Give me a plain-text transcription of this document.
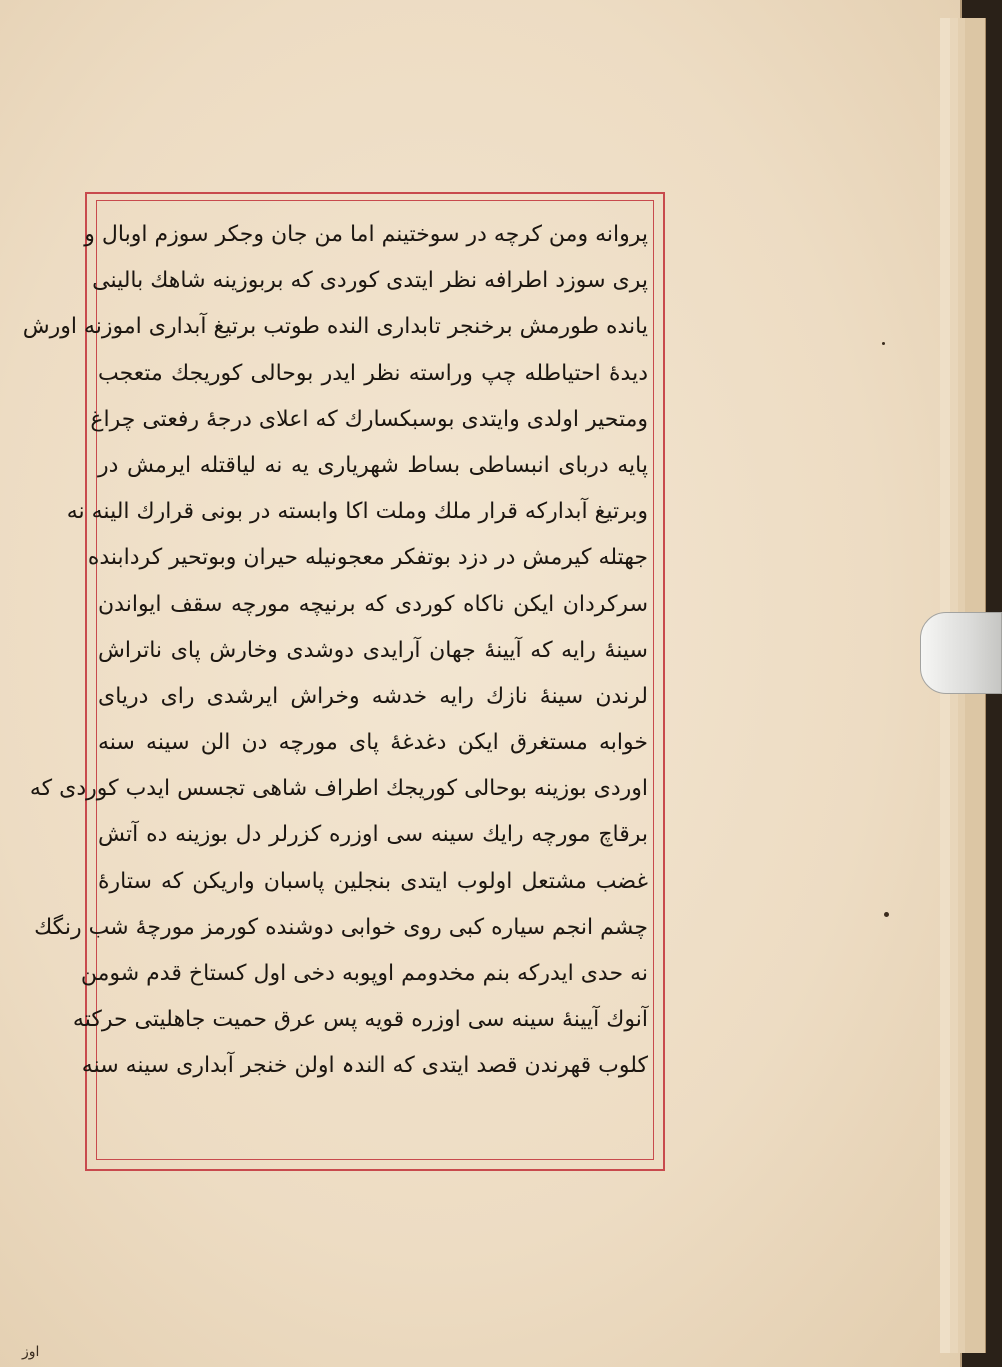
پروانه ومن کرچه در سوختینم اما من جان وجکر سوزم اوبال و
پری سوزد اطرافه نظر ایتدی کوردی که بربوزینه شاهك بالینی
یانده طورمش برخنجر تابداری النده طوتب برتیغ آبداری اموزنه اورش
دیدهٔ احتیاطله چپ وراسته نظر ایدر بوحالی کوریجك متعجب
ومتحیر اولدی وایتدی بوسبکسارك که اعلای درجهٔ رفعتی چراغ
پایه دربای انبساطی بساط شهریاری یه نه لیاقتله ایرمش در
وبرتیغ آبدارکه قرار ملك وملت اکا وابسته در بونی قرارك الینه نه
جهتله کیرمش در دزد بوتفکر معجونیله حیران وبوتحیر کردابنده
سرکردان ایکن ناکاه کوردی که برنیچه مورچه سقف ایواندن
سینهٔ رایه که آیینهٔ جهان آرایدی دوشدی وخارش پای ناتراش
لرندن سینهٔ نازك رایه خدشه وخراش ایرشدی رای دریای
خوابه مستغرق ایکن دغدغهٔ پای مورچه دن الن سینه سنه
اوردی بوزینه بوحالی کوریجك اطراف شاهی تجسس ایدب کوردی که
برقاچ مورچه رایك سینه سی اوزره کزرلر دل بوزینه ده آتش
غضب مشتعل اولوب ایتدی بنجلین پاسبان واریکن که ستارهٔ
چشم انجم سیاره کبی روی خوابی دوشنده کورمز مورچهٔ شب رنگك
نه حدی ایدرکه بنم مخدومم اوپوبه دخی اول کستاخ قدم شومن
آنوك آیینهٔ سینه سی اوزره قویه پس عرق حمیت جاهلیتی حرکته
کلوب قهرندن قصد ایتدی که الندہ اولن خنجر آبداری سینه سنه
اوز
